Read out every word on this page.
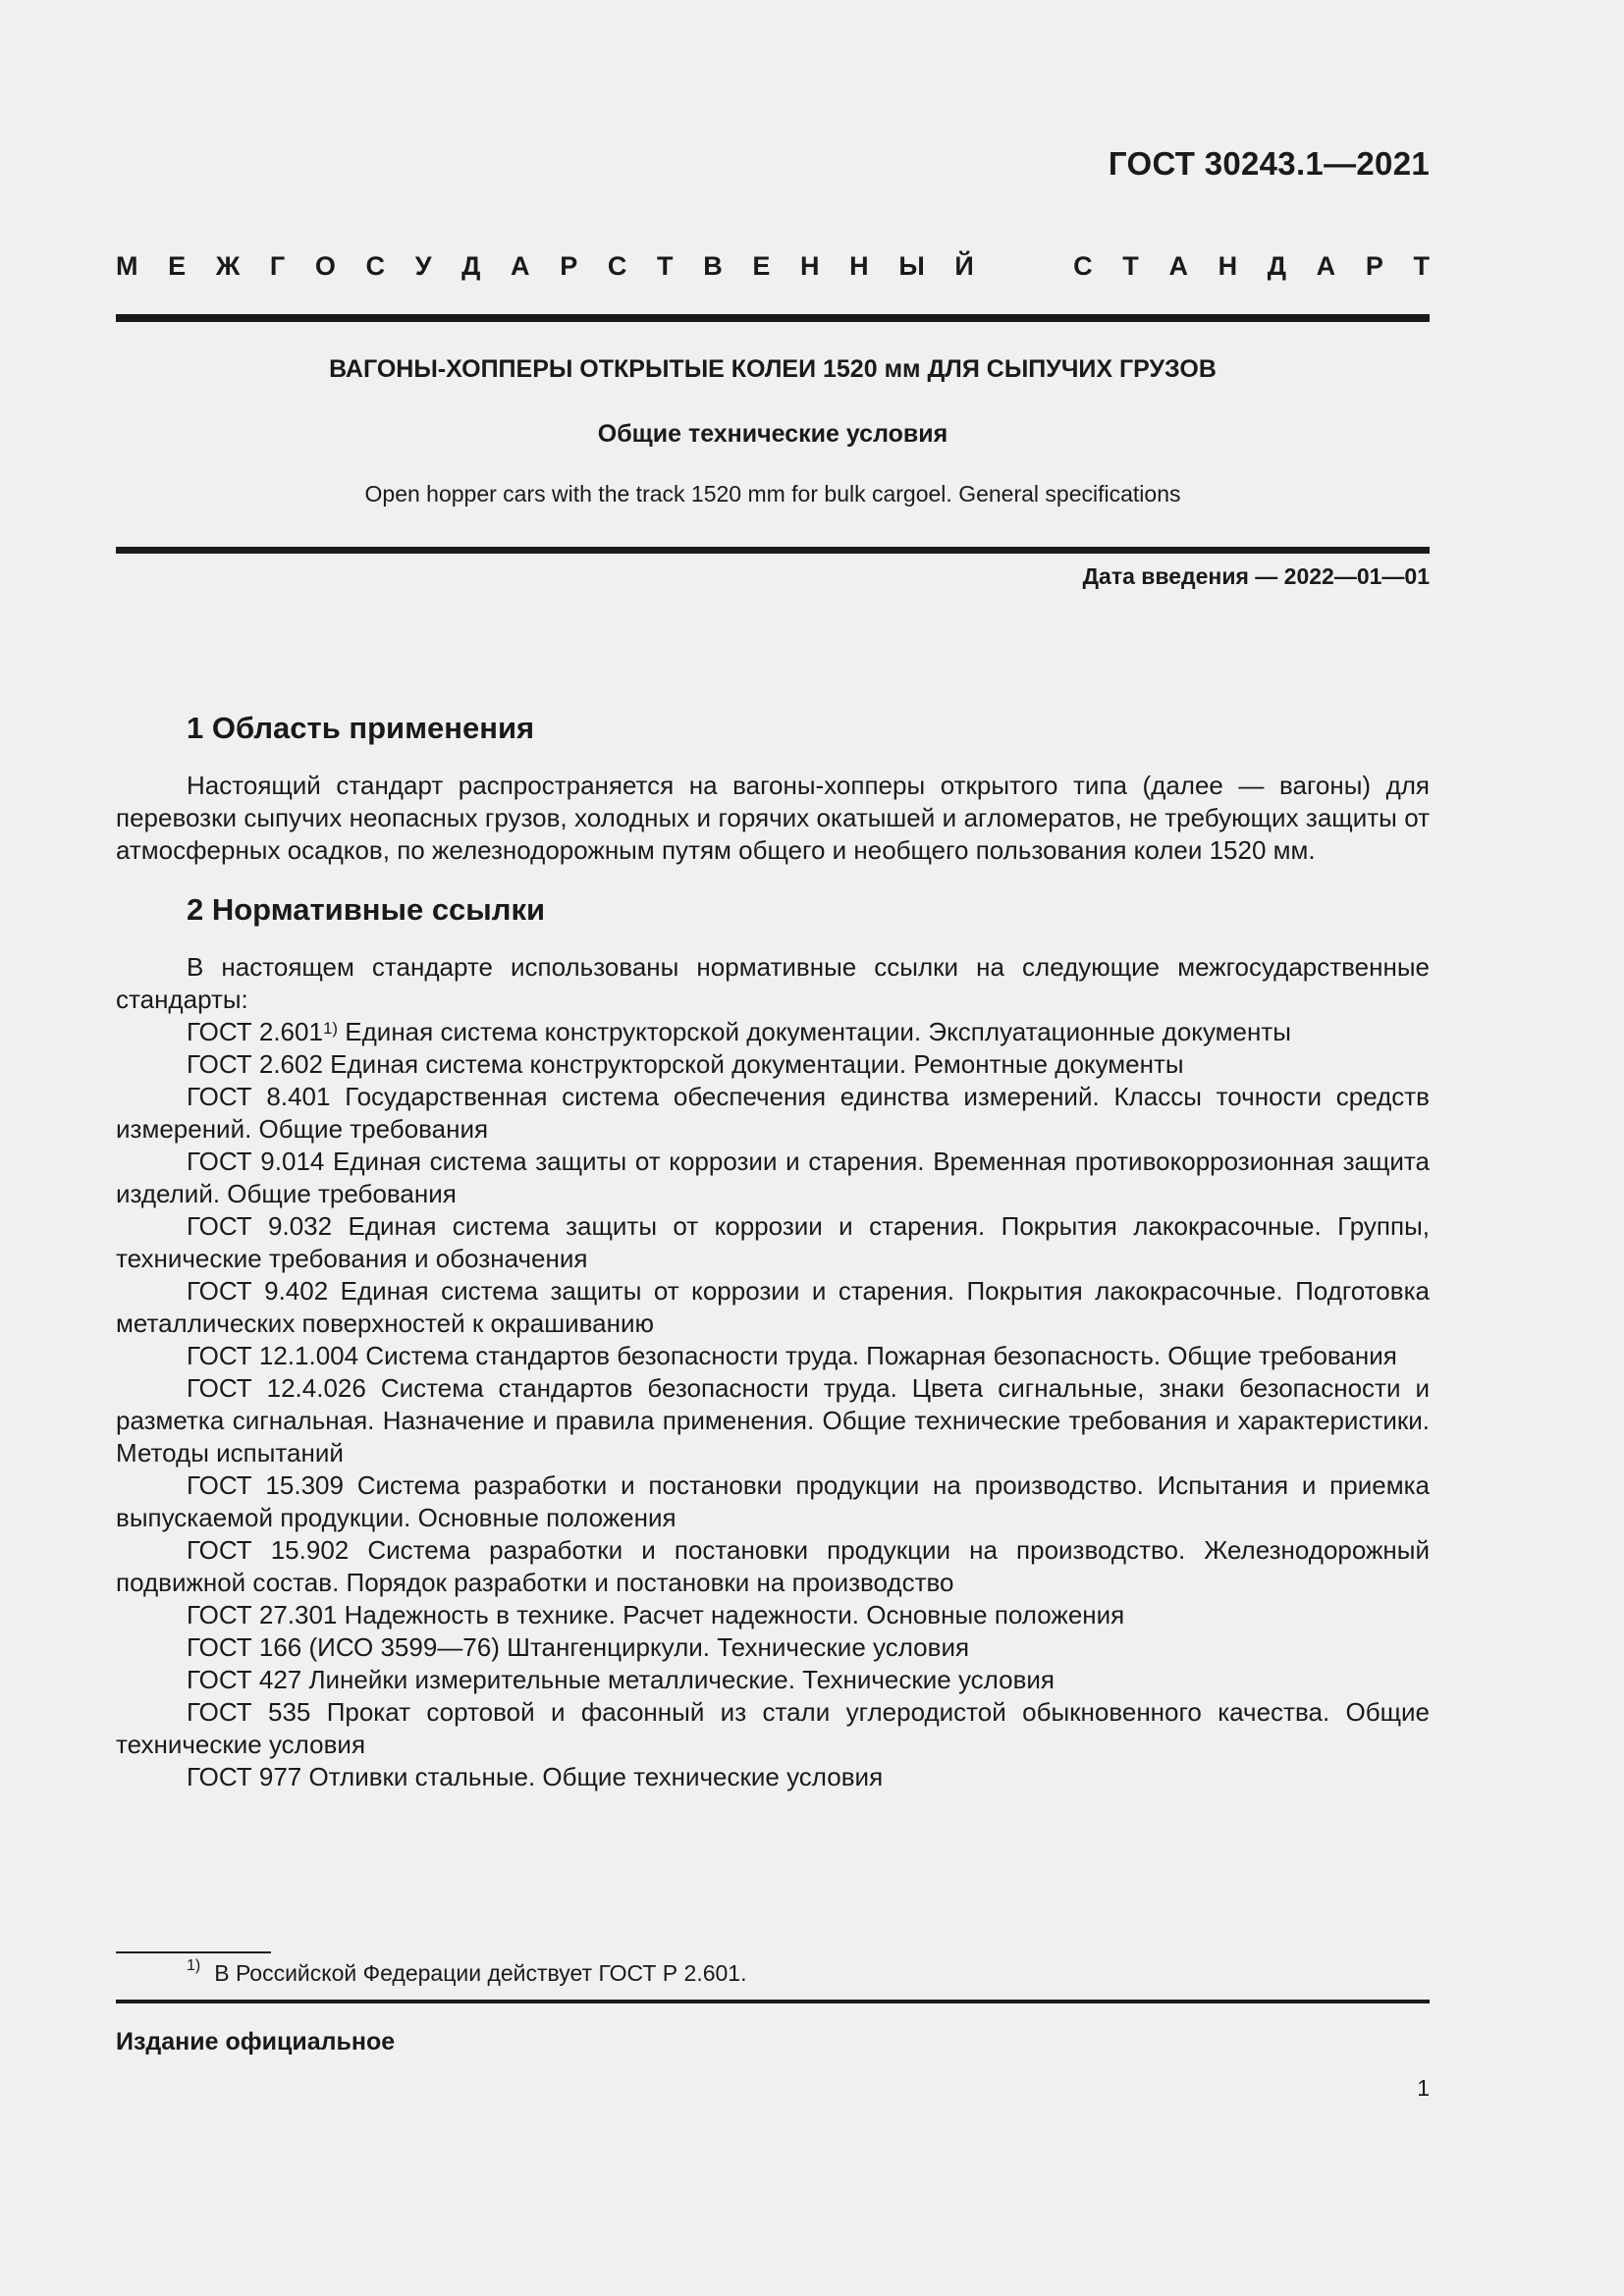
ГОСТ 30243.1—2021
М Е Ж Г О С У Д А Р С Т В Е Н Н Ы Й	С Т А Н Д А Р Т
ВАГОНЫ-ХОППЕРЫ ОТКРЫТЫЕ КОЛЕИ 1520 мм ДЛЯ СЫПУЧИХ ГРУЗОВ
Общие технические условия
Open hopper cars with the track 1520 mm for bulk cargoel. General specifications
Дата введения — 2022—01—01
1 Область применения

Настоящий стандарт распространяется на вагоны-хопперы открытого типа (далее — вагоны) для перевозки сыпучих неопасных грузов, холодных и горячих окатышей и агломератов, не требующих защиты от атмосферных осадков, по железнодорожным путям общего и необщего пользования колеи 1520 мм.

2 Нормативные ссылки

В настоящем стандарте использованы нормативные ссылки на следующие межгосударственные стандарты:

ГОСТ 2.601$^{1)}$ Единая система конструкторской документации. Эксплуатационные документы

ГОСТ 2.602 Единая система конструкторской документации. Ремонтные документы

ГОСТ 8.401 Государственная система обеспечения единства измерений. Классы точности средств измерений. Общие требования

ГОСТ 9.014 Единая система защиты от коррозии и старения. Временная противокоррозионная защита изделий. Общие требования

ГОСТ 9.032 Единая система защиты от коррозии и старения. Покрытия лакокрасочные. Группы, технические требования и обозначения

ГОСТ 9.402 Единая система защиты от коррозии и старения. Покрытия лакокрасочные. Подготовка металлических поверхностей к окрашиванию

ГОСТ 12.1.004 Система стандартов безопасности труда. Пожарная безопасность. Общие требования

ГОСТ 12.4.026 Система стандартов безопасности труда. Цвета сигнальные, знаки безопасности и разметка сигнальная. Назначение и правила применения. Общие технические требования и характеристики. Методы испытаний

ГОСТ 15.309 Система разработки и постановки продукции на производство. Испытания и приемка выпускаемой продукции. Основные положения

ГОСТ 15.902 Система разработки и постановки продукции на производство. Железнодорожный подвижной состав. Порядок разработки и постановки на производство

ГОСТ 27.301 Надежность в технике. Расчет надежности. Основные положения

ГОСТ 166 (ИСО 3599—76) Штангенциркули. Технические условия

ГОСТ 427 Линейки измерительные металлические. Технические условия

ГОСТ 535 Прокат сортовой и фасонный из стали углеродистой обыкновенного качества. Общие технические условия

ГОСТ 977 Отливки стальные. Общие технические условия

$^{1)}$ В Российской Федерации действует ГОСТ Р 2.601.
Издание официальное
1
